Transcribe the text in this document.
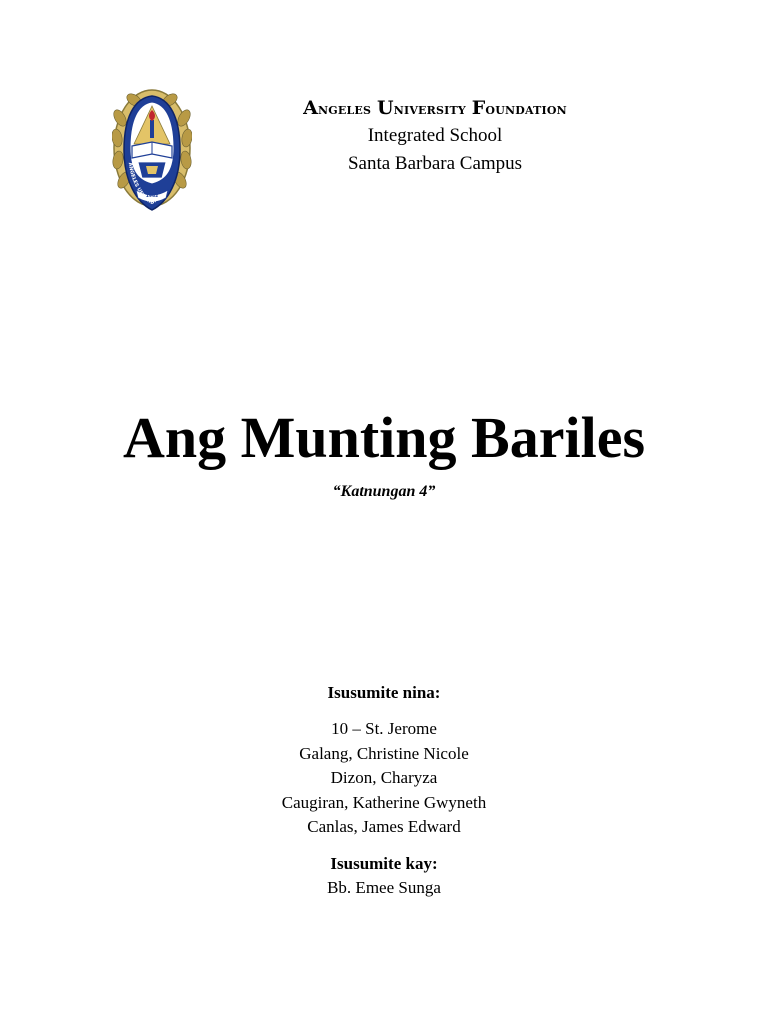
ANGELES UNIVERSITY
1962

Angeles University Foundation

Integrated School

Santa Barbara Campus

Ang Munting Bariles

“Katnungan 4”

Isusumite nina:

10 – St. Jerome
Galang, Christine Nicole
Dizon, Charyza
Caugiran, Katherine Gwyneth
Canlas, James Edward

Isusumite kay:

Bb. Emee Sunga
